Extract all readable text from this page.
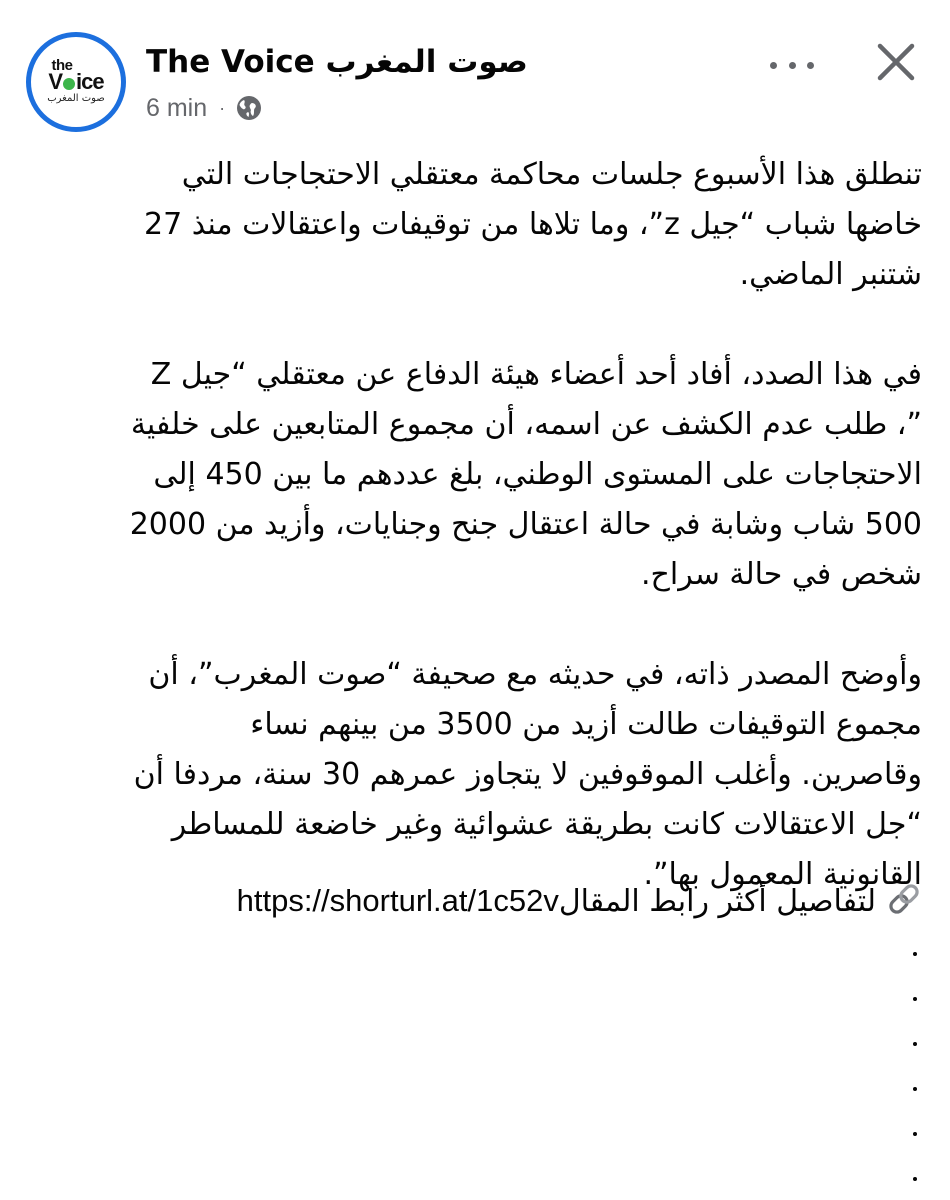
the
V ice
صوت المغرب
The Voice صوت المغرب
6 min ·

تنطلق هذا الأسبوع جلسات محاكمة معتقلي الاحتجاجات التي
خاضها شباب “جيل z”، وما تلاها من توقيفات واعتقالات منذ 27
شتنبر الماضي.

في هذا الصدد، أفاد أحد أعضاء هيئة الدفاع عن معتقلي “جيل Z
”، طلب عدم الكشف عن اسمه، أن مجموع المتابعين على خلفية
الاحتجاجات على المستوى الوطني، بلغ عددهم ما بين 450 إلى
500 شاب وشابة في حالة اعتقال جنح وجنايات، وأزيد من 2000
شخص في حالة سراح.

وأوضح المصدر ذاته، في حديثه مع صحيفة “صوت المغرب”، أن
مجموع التوقيفات طالت أزيد من 3500 من بينهم نساء
وقاصرين. وأغلب الموقوفين لا يتجاوز عمرهم 30 سنة، مردفا أن
“جل الاعتقالات كانت بطريقة عشوائية وغير خاضعة للمساطر
القانونية المعمول بها”.

لتفاصيل أكثر رابط المقالhttps://shorturl.at/1c52v
